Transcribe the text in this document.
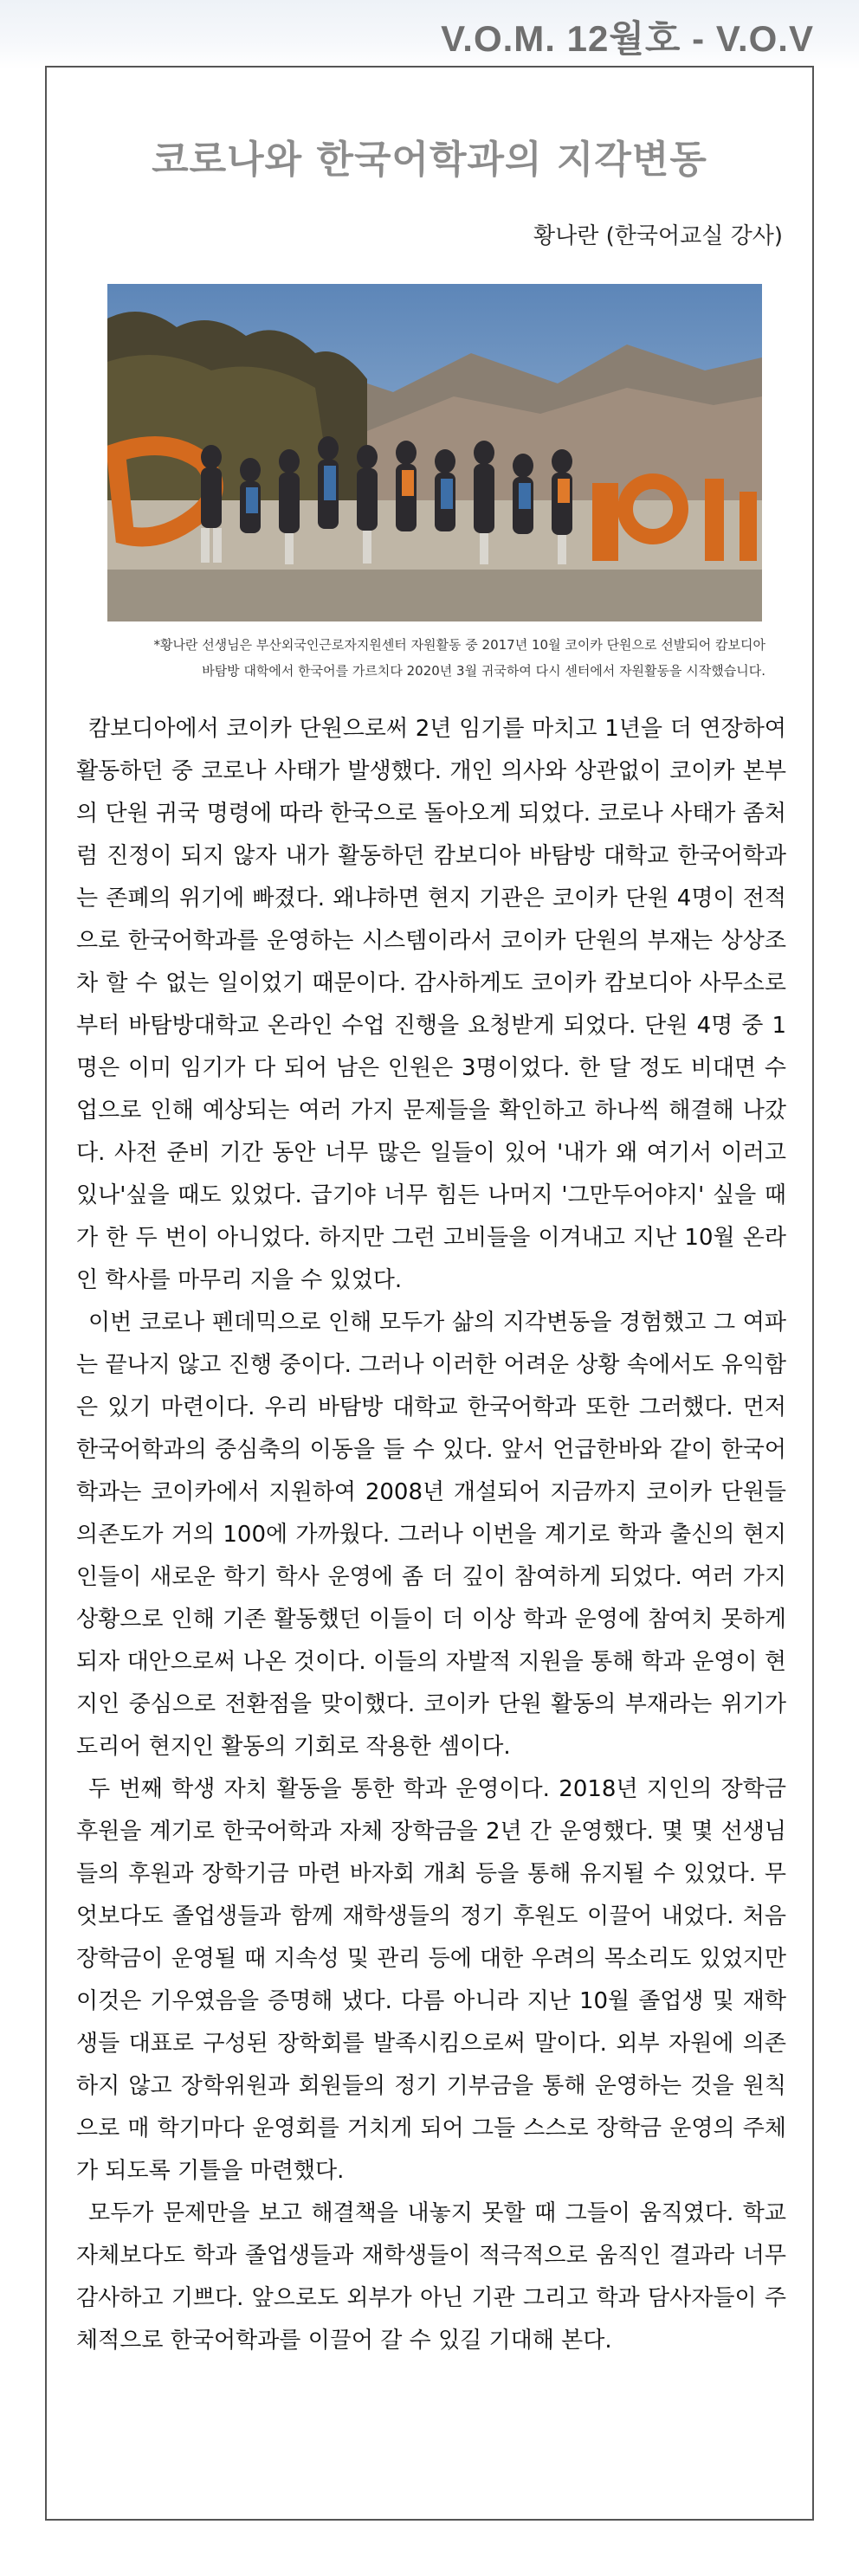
V.O.M. 12월호 - V.O.V
코로나와 한국어학과의 지각변동
황나란 (한국어교실 강사)

*황나란 선생님은 부산외국인근로자지원센터 자원활동 중 2017년 10월 코이카 단원으로 선발되어 캄보디아

바탐방 대학에서 한국어를 가르치다 2020년 3월 귀국하여 다시 센터에서 자원활동을 시작했습니다.

캄보디아에서 코이카 단원으로써 2년 임기를 마치고 1년을 더 연장하여 활동하던 중 코로나 사태가 발생했다. 개인 의사와 상관없이 코이카 본부의 단원 귀국 명령에 따라 한국으로 돌아오게 되었다. 코로나 사태가 좀처럼 진정이 되지 않자 내가 활동하던 캄보디아 바탐방 대학교 한국어학과는 존폐의 위기에 빠졌다. 왜냐하면 현지 기관은 코이카 단원 4명이 전적으로 한국어학과를 운영하는 시스템이라서 코이카 단원의 부재는 상상조차 할 수 없는 일이었기 때문이다. 감사하게도 코이카 캄보디아 사무소로부터 바탐방대학교 온라인 수업 진행을 요청받게 되었다. 단원 4명 중 1명은 이미 임기가 다 되어 남은 인원은 3명이었다. 한 달 정도 비대면 수업으로 인해 예상되는 여러 가지 문제들을 확인하고 하나씩 해결해 나갔다. 사전 준비 기간 동안 너무 많은 일들이 있어 '내가 왜 여기서 이러고 있나'싶을 때도 있었다. 급기야 너무 힘든 나머지 '그만두어야지' 싶을 때가 한 두 번이 아니었다. 하지만 그런 고비들을 이겨내고 지난 10월 온라인 학사를 마무리 지을 수 있었다.

이번 코로나 펜데믹으로 인해 모두가 삶의 지각변동을 경험했고 그 여파는 끝나지 않고 진행 중이다. 그러나 이러한 어려운 상황 속에서도 유익함은 있기 마련이다. 우리 바탐방 대학교 한국어학과 또한 그러했다. 먼저 한국어학과의 중심축의 이동을 들 수 있다. 앞서 언급한바와 같이 한국어학과는 코이카에서 지원하여 2008년 개설되어 지금까지 코이카 단원들 의존도가 거의 100에 가까웠다. 그러나 이번을 계기로 학과 출신의 현지인들이 새로운 학기 학사 운영에 좀 더 깊이 참여하게 되었다. 여러 가지 상황으로 인해 기존 활동했던 이들이 더 이상 학과 운영에 참여치 못하게 되자 대안으로써 나온 것이다. 이들의 자발적 지원을 통해 학과 운영이 현지인 중심으로 전환점을 맞이했다. 코이카 단원 활동의 부재라는 위기가 도리어 현지인 활동의 기회로 작용한 셈이다.

두 번째 학생 자치 활동을 통한 학과 운영이다. 2018년 지인의 장학금 후원을 계기로 한국어학과 자체 장학금을 2년 간 운영했다. 몇 몇 선생님들의 후원과 장학기금 마련 바자회 개최 등을 통해 유지될 수 있었다. 무엇보다도 졸업생들과 함께 재학생들의 정기 후원도 이끌어 내었다. 처음 장학금이 운영될 때 지속성 및 관리 등에 대한 우려의 목소리도 있었지만 이것은 기우였음을 증명해 냈다. 다름 아니라 지난 10월 졸업생 및 재학생들 대표로 구성된 장학회를 발족시킴으로써 말이다. 외부 자원에 의존하지 않고 장학위원과 회원들의 정기 기부금을 통해 운영하는 것을 원칙으로 매 학기마다 운영회를 거치게 되어 그들 스스로 장학금 운영의 주체가 되도록 기틀을 마련했다.

모두가 문제만을 보고 해결책을 내놓지 못할 때 그들이 움직였다. 학교 자체보다도 학과 졸업생들과 재학생들이 적극적으로 움직인 결과라 너무 감사하고 기쁘다. 앞으로도 외부가 아닌 기관 그리고 학과 담사자들이 주체적으로 한국어학과를 이끌어 갈 수 있길 기대해 본다.
